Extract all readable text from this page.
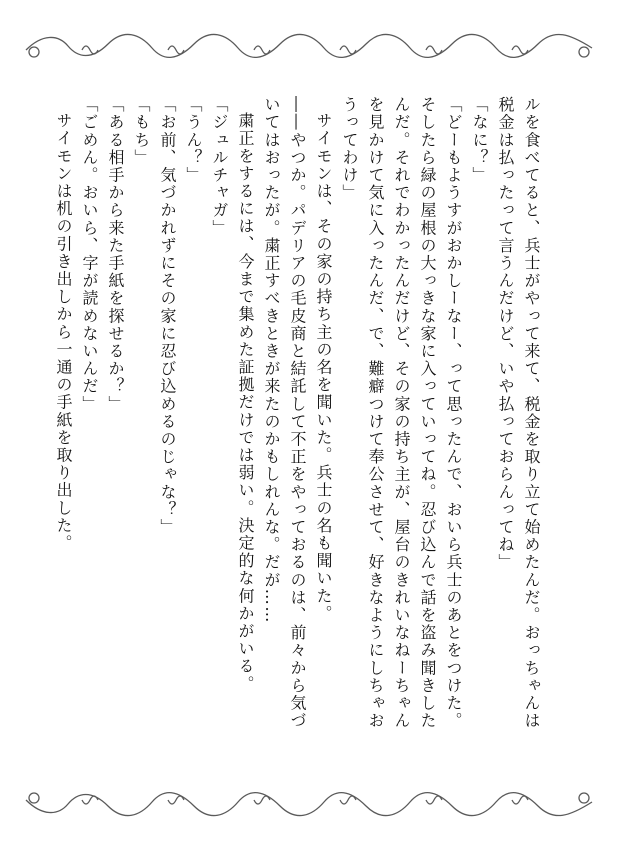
ルを食べてると、兵士がやって来て、税金を取り立て始めたんだ。おっちゃんは税金は払ったって言うんだけど、いや払っておらんってね」

「なに？」

「どーもようすがおかしーなー、って思ったんで、おいら兵士のあとをつけた。そしたら緑の屋根の大っきな家に入っていってね。忍び込んで話を盗み聞きしたんだ。それでわかったんだけど、その家の持ち主が、屋台のきれいなねーちゃんを見かけて気に入ったんだ、で、難癖つけて奉公させて、好きなようにしちゃおうってわけ」

サイモンは、その家の持ち主の名を聞いた。兵士の名も聞いた。

――やつか。パデリアの毛皮商と結託して不正をやっておるのは、前々から気づいてはおったが。粛正すべきときが来たのかもしれんな。だが……

粛正をするには、今まで集めた証拠だけでは弱い。決定的な何かがいる。

「ジュルチャガ」

「うん？」

「お前、気づかれずにその家に忍び込めるのじゃな？」

「もち」

「ある相手から来た手紙を探せるか？」

「ごめん。おいら、字が読めないんだ」

サイモンは机の引き出しから一通の手紙を取り出した。
